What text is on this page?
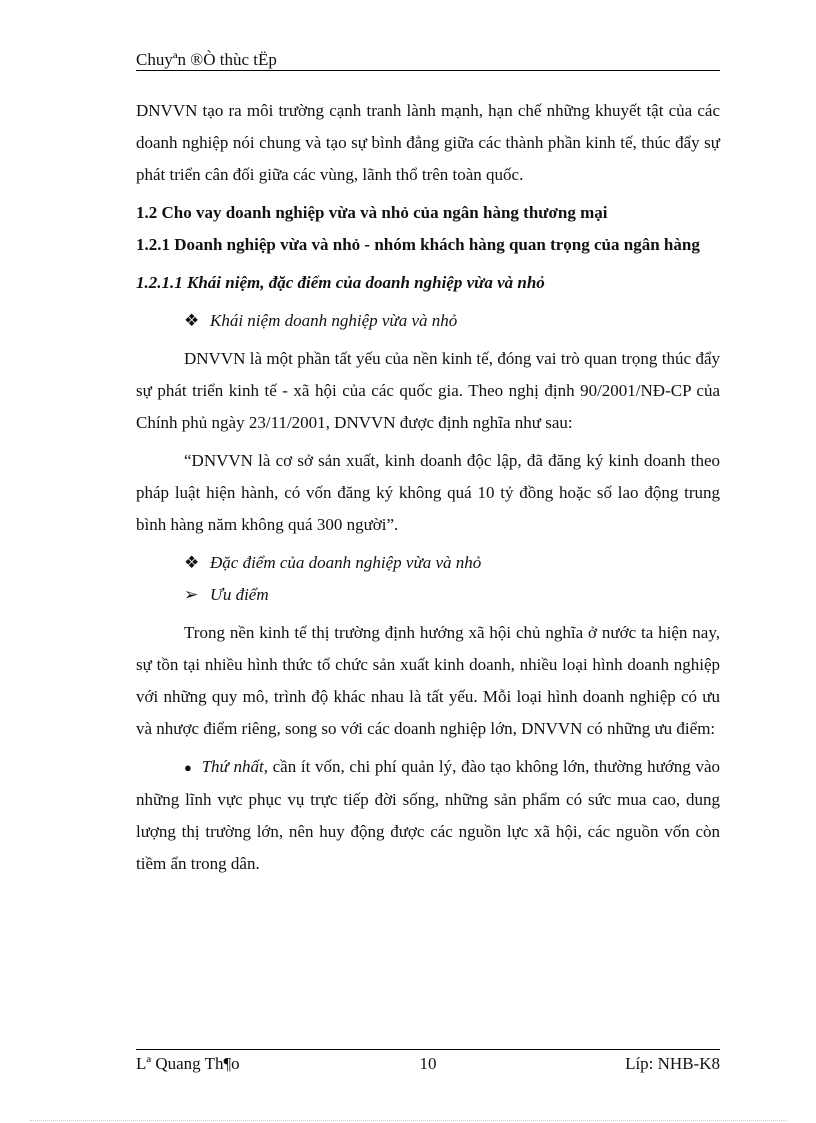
Chuyªn ®Ò thùc tËp

DNVVN tạo ra môi trường cạnh tranh lành mạnh, hạn chế những khuyết tật của các doanh nghiệp nói chung và tạo sự bình đẳng giữa các thành phần kinh tế, thúc đẩy sự phát triển cân đối giữa các vùng, lãnh thổ trên toàn quốc.

1.2 Cho vay doanh nghiệp vừa và nhỏ của ngân hàng thương mại

1.2.1 Doanh nghiệp vừa và nhỏ - nhóm khách hàng quan trọng của ngân hàng

1.2.1.1 Khái niệm, đặc điểm của doanh nghiệp vừa và nhỏ

❖ Khái niệm doanh nghiệp vừa và nhỏ

DNVVN là một phần tất yếu của nền kinh tế, đóng vai trò quan trọng thúc đẩy sự phát triển kinh tế - xã hội của các quốc gia. Theo nghị định 90/2001/NĐ-CP của Chính phủ ngày 23/11/2001, DNVVN được định nghĩa như sau:

“DNVVN là cơ sở sản xuất, kinh doanh độc lập, đã đăng ký kinh doanh theo pháp luật hiện hành, có vốn đăng ký không quá 10 tỷ đồng hoặc số lao động trung bình hàng năm không quá 300 người”.

❖ Đặc điểm của doanh nghiệp vừa và nhỏ

➢ Ưu điểm

Trong nền kinh tế thị trường định hướng xã hội chủ nghĩa ở nước ta hiện nay, sự tồn tại nhiều hình thức tổ chức sản xuất kinh doanh, nhiều loại hình doanh nghiệp với những quy mô, trình độ khác nhau là tất yếu. Mỗi loại hình doanh nghiệp có ưu và nhược điểm riêng, song so với các doanh nghiệp lớn, DNVVN có những ưu điểm:

● Thứ nhất, cần ít vốn, chi phí quản lý, đào tạo không lớn, thường hướng vào những lĩnh vực phục vụ trực tiếp đời sống, những sản phẩm có sức mua cao, dung lượng thị trường lớn, nên huy động được các nguồn lực xã hội, các nguồn vốn còn tiềm ẩn trong dân.

Lª Quang Th¶o	10	Líp: NHB-K8
